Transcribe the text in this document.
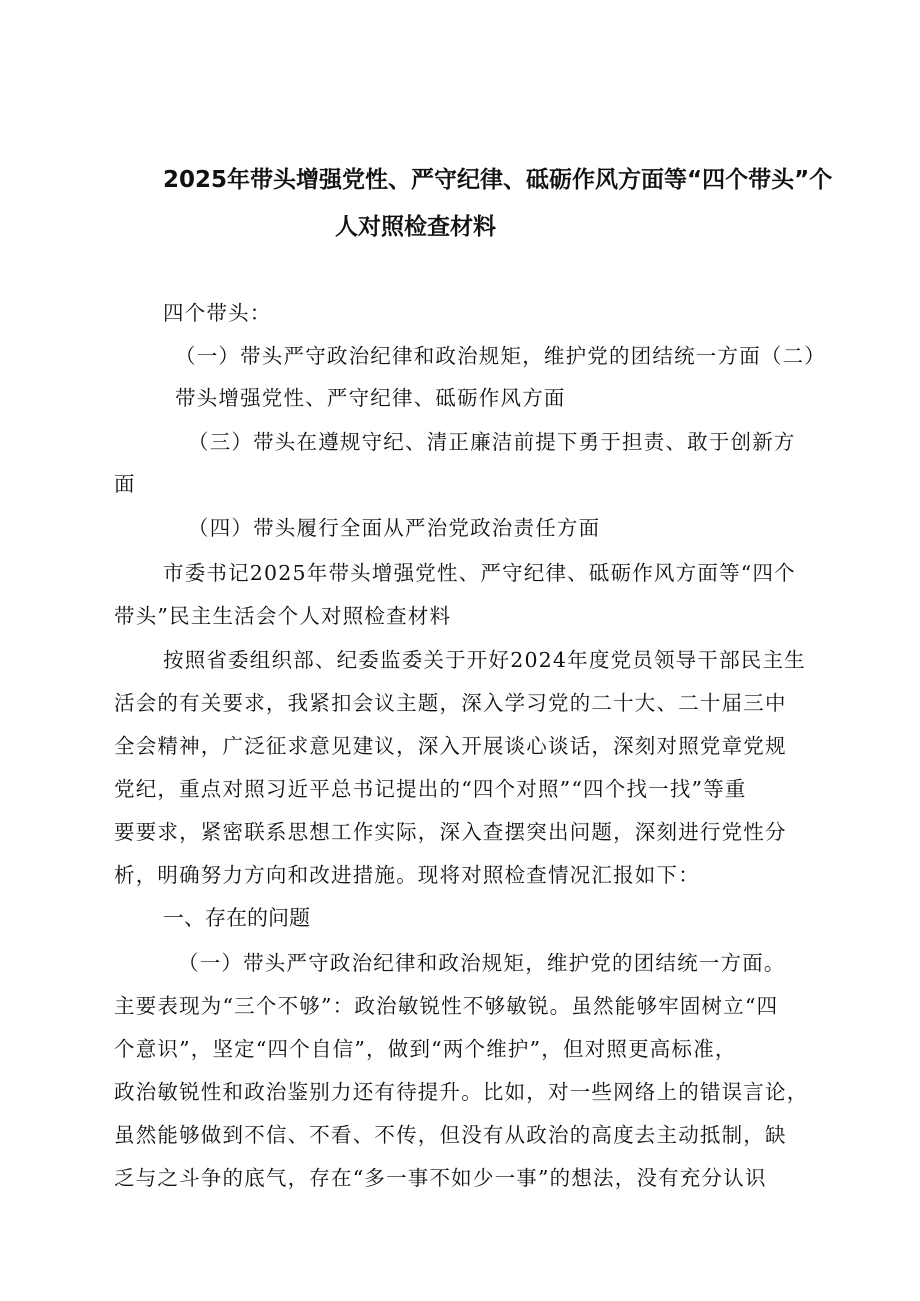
2025年带头增强党性、严守纪律、砥砺作风方面等“四个带头”个
人对照检查材料
四个带头：
（一）带头严守政治纪律和政治规矩，维护党的团结统一方面（二）
带头增强党性、严守纪律、砥砺作风方面
（三）带头在遵规守纪、清正廉洁前提下勇于担责、敢于创新方
面
（四）带头履行全面从严治党政治责任方面
市委书记2025年带头增强党性、严守纪律、砥砺作风方面等“四个
带头”民主生活会个人对照检查材料
按照省委组织部、纪委监委关于开好2024年度党员领导干部民主生
活会的有关要求，我紧扣会议主题，深入学习党的二十大、二十届三中
全会精神，广泛征求意见建议，深入开展谈心谈话，深刻对照党章党规
党纪，重点对照习近平总书记提出的“四个对照”“四个找一找”等重
要要求，紧密联系思想工作实际，深入查摆突出问题，深刻进行党性分
析，明确努力方向和改进措施。现将对照检查情况汇报如下：
一、存在的问题
（一）带头严守政治纪律和政治规矩，维护党的团结统一方面。
主要表现为“三个不够”：政治敏锐性不够敏锐。虽然能够牢固树立“四
个意识”，坚定“四个自信”，做到“两个维护”，但对照更高标准，
政治敏锐性和政治鉴别力还有待提升。比如，对一些网络上的错误言论，
虽然能够做到不信、不看、不传，但没有从政治的高度去主动抵制，缺
乏与之斗争的底气，存在“多一事不如少一事”的想法，没有充分认识
